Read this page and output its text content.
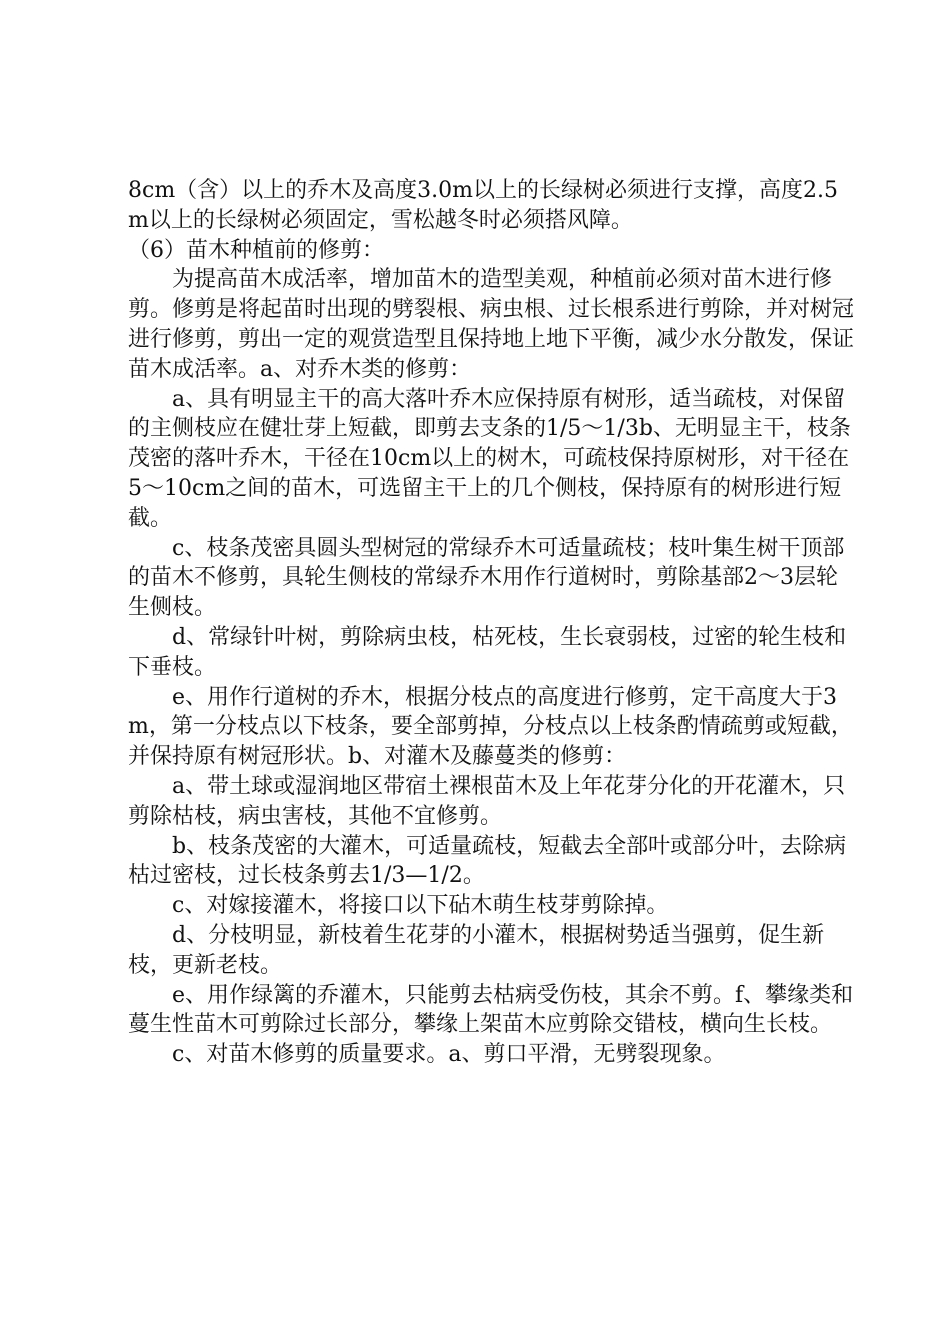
8cm（含）以上的乔木及高度3.0m以上的长绿树必须进行支撑，高度2.5m以上的长绿树必须固定，雪松越冬时必须搭风障。

（6）苗木种植前的修剪：

　　为提高苗木成活率，增加苗木的造型美观，种植前必须对苗木进行修剪。修剪是将起苗时出现的劈裂根、病虫根、过长根系进行剪除，并对树冠进行修剪，剪出一定的观赏造型且保持地上地下平衡，减少水分散发，保证苗木成活率。a、对乔木类的修剪：

　　a、具有明显主干的高大落叶乔木应保持原有树形，适当疏枝，对保留的主侧枝应在健壮芽上短截，即剪去支条的1/5～1/3b、无明显主干，枝条茂密的落叶乔木，干径在10cm以上的树木，可疏枝保持原树形，对干径在5～10cm之间的苗木，可选留主干上的几个侧枝，保持原有的树形进行短截。

　　c、枝条茂密具圆头型树冠的常绿乔木可适量疏枝；枝叶集生树干顶部的苗木不修剪，具轮生侧枝的常绿乔木用作行道树时，剪除基部2～3层轮生侧枝。

　　d、常绿针叶树，剪除病虫枝，枯死枝，生长衰弱枝，过密的轮生枝和下垂枝。

　　e、用作行道树的乔木，根据分枝点的高度进行修剪，定干高度大于3m，第一分枝点以下枝条，要全部剪掉，分枝点以上枝条酌情疏剪或短截，并保持原有树冠形状。b、对灌木及藤蔓类的修剪：

　　a、带土球或湿润地区带宿土裸根苗木及上年花芽分化的开花灌木，只剪除枯枝，病虫害枝，其他不宜修剪。

　　b、枝条茂密的大灌木，可适量疏枝，短截去全部叶或部分叶，去除病枯过密枝，过长枝条剪去1/3—1/2。

　　c、对嫁接灌木，将接口以下砧木萌生枝芽剪除掉。

　　d、分枝明显，新枝着生花芽的小灌木，根据树势适当强剪，促生新枝，更新老枝。

　　e、用作绿篱的乔灌木，只能剪去枯病受伤枝，其余不剪。f、攀缘类和蔓生性苗木可剪除过长部分，攀缘上架苗木应剪除交错枝，横向生长枝。

　　c、对苗木修剪的质量要求。a、剪口平滑，无劈裂现象。
